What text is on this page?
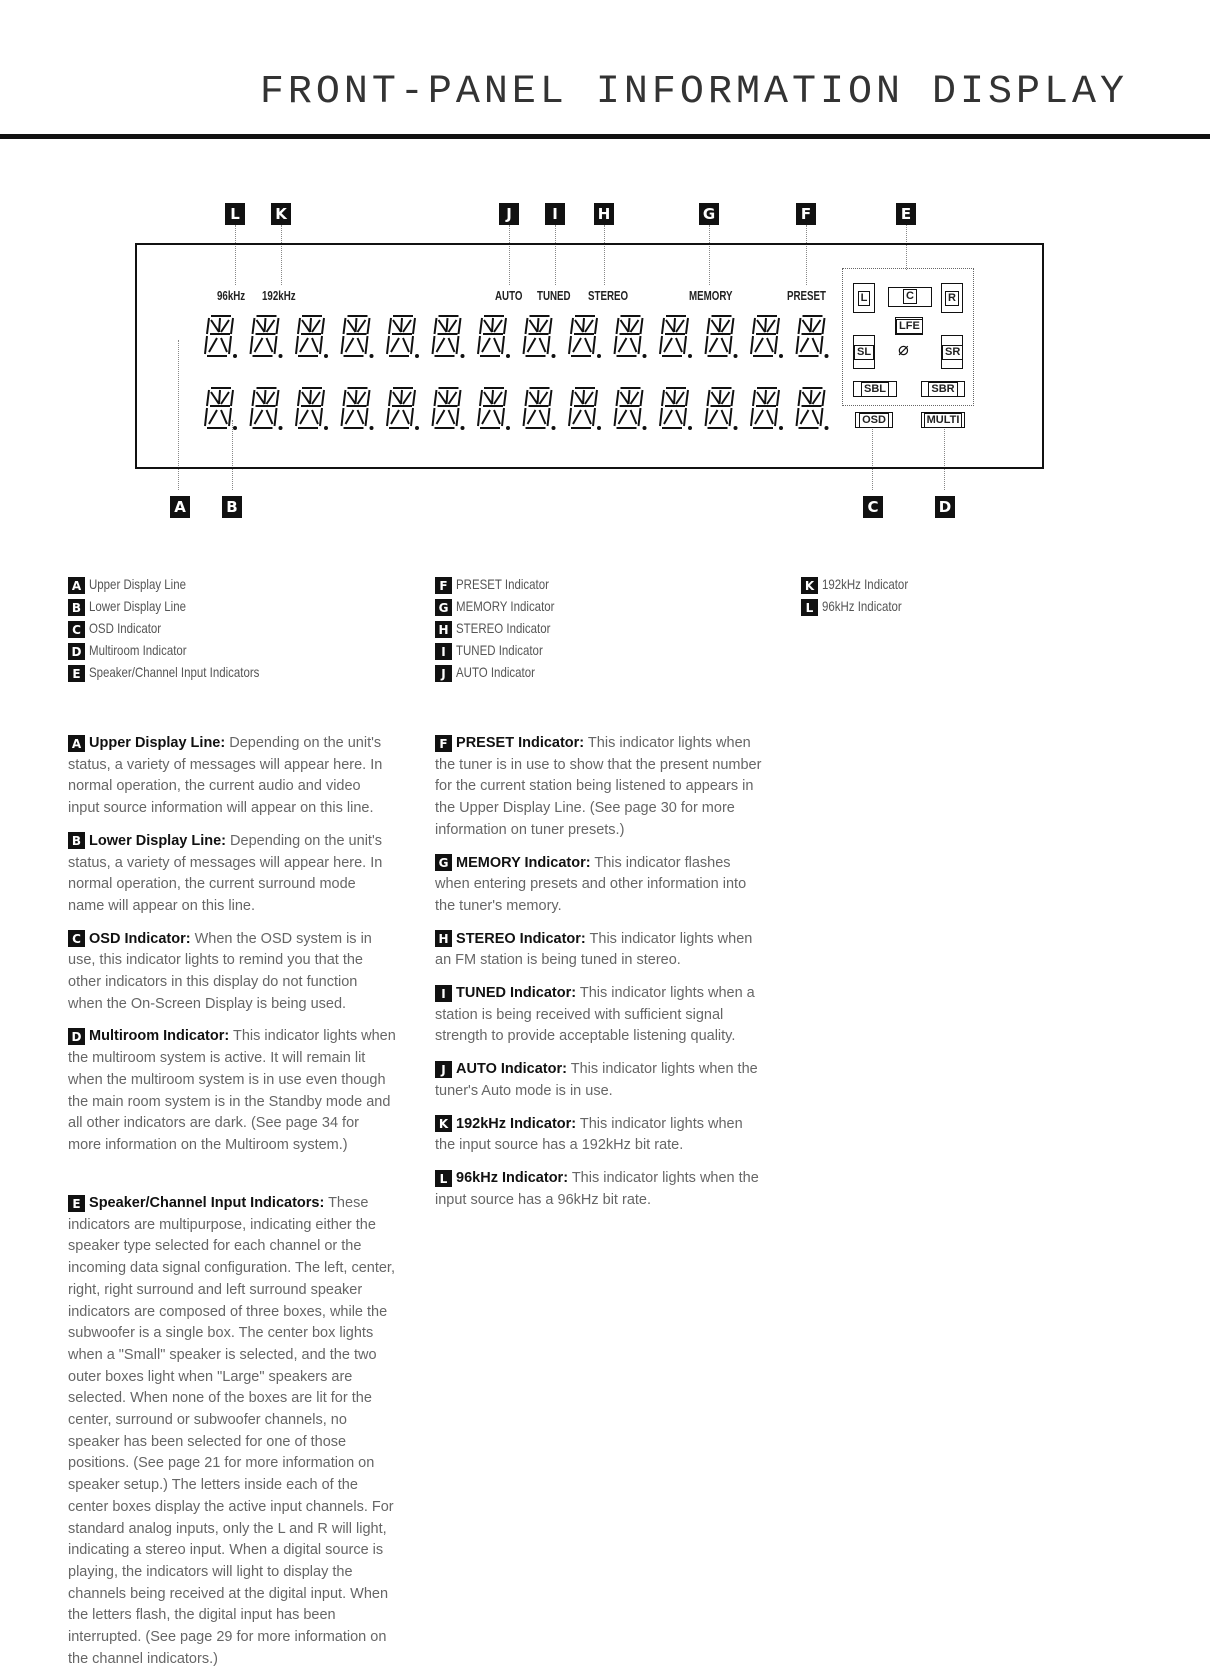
FRONT-PANEL INFORMATION DISPLAY
L	K	J	I	H	G	F	E
96kHz 192kHz	AUTO TUNED STEREO	MEMORY	PRESET	L	C	R
LFE
⌀
SL	SR
SBL	SBR
OSD	MULTI
A	B	C	D
A Upper Display Line
B Lower Display Line
C OSD Indicator
D Multiroom Indicator
E Speaker/Channel Input Indicators
F PRESET Indicator
G MEMORY Indicator
H STEREO Indicator
I TUNED Indicator
J AUTO Indicator
K 192kHz Indicator
L 96kHz Indicator

A Upper Display Line: Depending on the unit's status, a variety of messages will appear here. In normal operation, the current audio and video input source information will appear on this line.

B Lower Display Line: Depending on the unit's status, a variety of messages will appear here. In normal operation, the current surround mode name will appear on this line.

C OSD Indicator: When the OSD system is in use, this indicator lights to remind you that the other indicators in this display do not function when the On-Screen Display is being used.

D Multiroom Indicator: This indicator lights when the multiroom system is active. It will remain lit when the multiroom system is in use even though the main room system is in the Standby mode and all other indicators are dark. (See page 34 for more information on the Multiroom system.)

E Speaker/Channel Input Indicators: These indicators are multipurpose, indicating either the speaker type selected for each channel or the incoming data signal configuration. The left, center, right, right surround and left surround speaker indicators are composed of three boxes, while the subwoofer is a single box. The center box lights when a "Small" speaker is selected, and the two outer boxes light when "Large" speakers are selected. When none of the boxes are lit for the center, surround or subwoofer channels, no speaker has been selected for one of those positions. (See page 21 for more information on speaker setup.) The letters inside each of the center boxes display the active input channels. For standard analog inputs, only the L and R will light, indicating a stereo input. When a digital source is playing, the indicators will light to display the channels being received at the digital input. When the letters flash, the digital input has been interrupted. (See page 29 for more information on the channel indicators.)

F PRESET Indicator: This indicator lights when the tuner is in use to show that the present number for the current station being listened to appears in the Upper Display Line. (See page 30 for more information on tuner presets.)

G MEMORY Indicator: This indicator flashes when entering presets and other information into the tuner's memory.

H STEREO Indicator: This indicator lights when an FM station is being tuned in stereo.

I TUNED Indicator: This indicator lights when a station is being received with sufficient signal strength to provide acceptable listening quality.

J AUTO Indicator: This indicator lights when the tuner's Auto mode is in use.

K 192kHz Indicator: This indicator lights when the input source has a 192kHz bit rate.

L 96kHz Indicator: This indicator lights when the input source has a 96kHz bit rate.
